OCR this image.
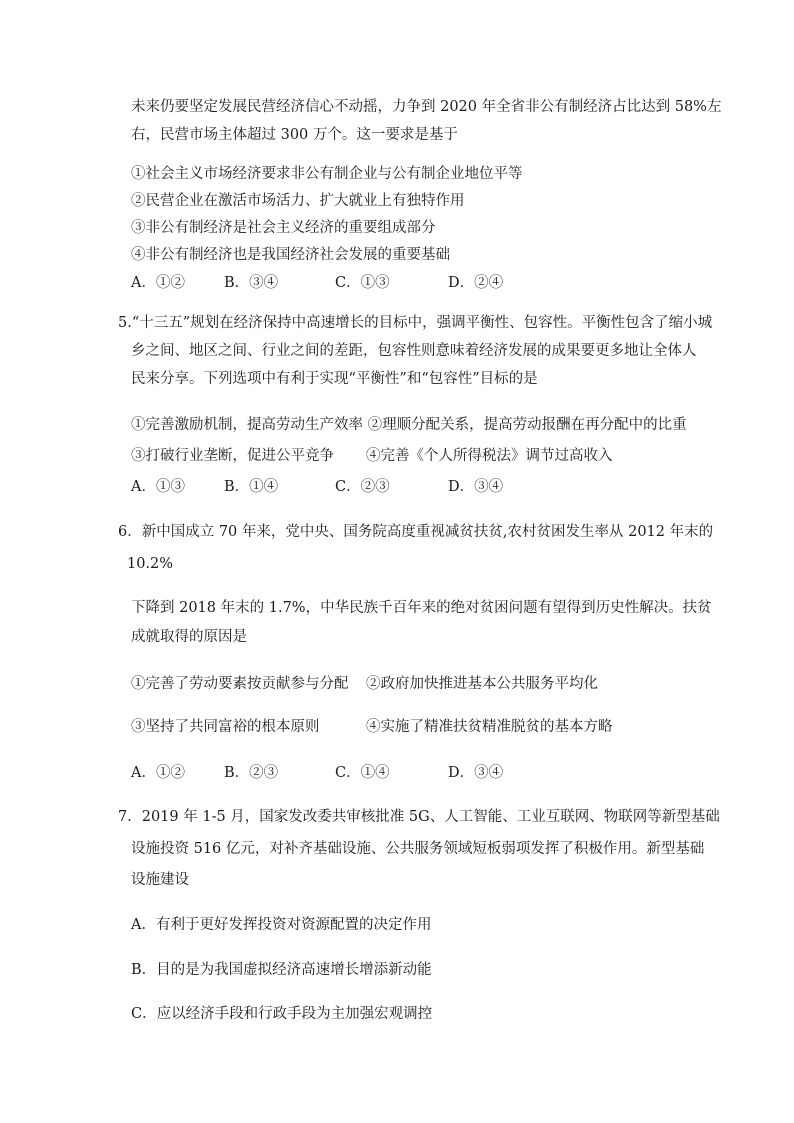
未来仍要坚定发展民营经济信心不动摇，力争到 2020 年全省非公有制经济占比达到 58%左
右，民营市场主体超过 300 万个。这一要求是基于
①社会主义市场经济要求非公有制企业与公有制企业地位平等
②民营企业在激活市场活力、扩大就业上有独特作用
③非公有制经济是社会主义经济的重要组成部分
④非公有制经济也是我国经济社会发展的重要基础
A．①②	B．③④	C．①③	D．②④
5.“十三五”规划在经济保持中高速增长的目标中，强调平衡性、包容性。平衡性包含了缩小城
乡之间、地区之间、行业之间的差距，包容性则意味着经济发展的成果要更多地让全体人
民来分享。下列选项中有利于实现“平衡性”和“包容性”目标的是
①完善激励机制，提高劳动生产效率 ②理顺分配关系，提高劳动报酬在再分配中的比重
③打破行业垄断，促进公平竞争 ④完善《个人所得税法》调节过高收入
A．①③	B．①④	C．②③	D．③④
6．新中国成立 70 年来，党中央、国务院高度重视减贫扶贫,农村贫困发生率从 2012 年末的
10.2%
下降到 2018 年末的 1.7%，中华民族千百年来的绝对贫困问题有望得到历史性解决。扶贫
成就取得的原因是
①完善了劳动要素按贡献参与分配 ②政府加快推进基本公共服务平均化
③坚持了共同富裕的根本原则	④实施了精准扶贫精准脱贫的基本方略
A．①②	B．②③	C．①④	D．③④
7．2019 年 1-5 月，国家发改委共审核批准 5G、人工智能、工业互联网、物联网等新型基础
设施投资 516 亿元，对补齐基础设施、公共服务领域短板弱项发挥了积极作用。新型基础
设施建设
A．有利于更好发挥投资对资源配置的决定作用
B．目的是为我国虚拟经济高速增长增添新动能
C．应以经济手段和行政手段为主加强宏观调控
